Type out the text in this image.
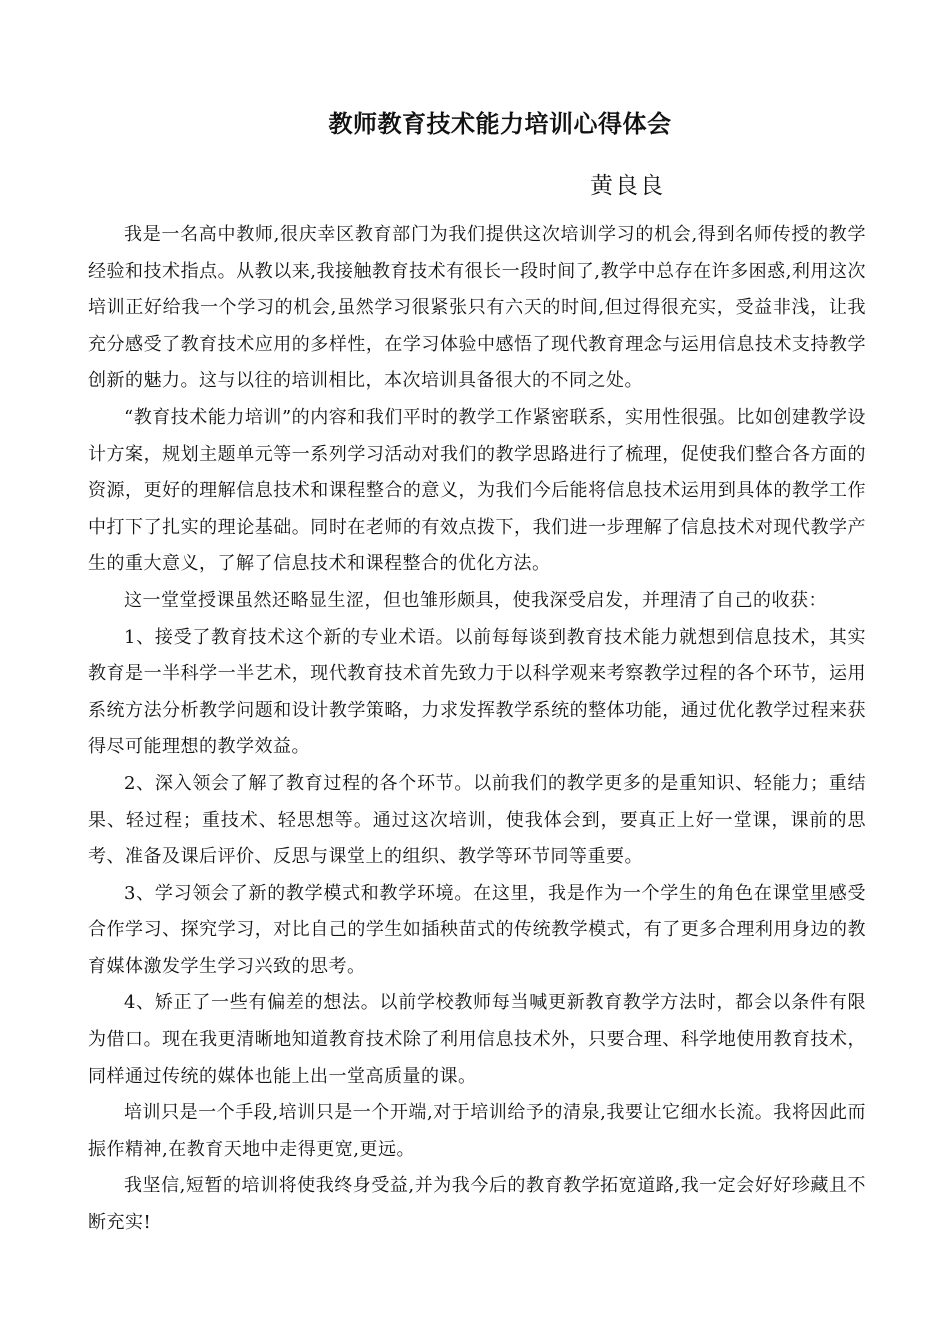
教师教育技术能力培训心得体会
黄良良

我是一名高中教师,很庆幸区教育部门为我们提供这次培训学习的机会,得到名师传授的教学经验和技术指点。从教以来,我接触教育技术有很长一段时间了,教学中总存在许多困惑,利用这次培训正好给我一个学习的机会,虽然学习很紧张只有六天的时间,但过得很充实，受益非浅，让我充分感受了教育技术应用的多样性，在学习体验中感悟了现代教育理念与运用信息技术支持教学创新的魅力。这与以往的培训相比，本次培训具备很大的不同之处。

“教育技术能力培训”的内容和我们平时的教学工作紧密联系，实用性很强。比如创建教学设计方案，规划主题单元等一系列学习活动对我们的教学思路进行了梳理，促使我们整合各方面的资源，更好的理解信息技术和课程整合的意义，为我们今后能将信息技术运用到具体的教学工作中打下了扎实的理论基础。同时在老师的有效点拨下，我们进一步理解了信息技术对现代教学产生的重大意义，了解了信息技术和课程整合的优化方法。

这一堂堂授课虽然还略显生涩，但也雏形颇具，使我深受启发，并理清了自己的收获：

1、接受了教育技术这个新的专业术语。以前每每谈到教育技术能力就想到信息技术，其实教育是一半科学一半艺术，现代教育技术首先致力于以科学观来考察教学过程的各个环节，运用系统方法分析教学问题和设计教学策略，力求发挥教学系统的整体功能，通过优化教学过程来获得尽可能理想的教学效益。

2、深入领会了解了教育过程的各个环节。以前我们的教学更多的是重知识、轻能力；重结果、轻过程；重技术、轻思想等。通过这次培训，使我体会到，要真正上好一堂课，课前的思考、准备及课后评价、反思与课堂上的组织、教学等环节同等重要。

3、学习领会了新的教学模式和教学环境。在这里，我是作为一个学生的角色在课堂里感受合作学习、探究学习，对比自己的学生如插秧苗式的传统教学模式，有了更多合理利用身边的教育媒体激发学生学习兴致的思考。

4、矫正了一些有偏差的想法。以前学校教师每当喊更新教育教学方法时，都会以条件有限为借口。现在我更清晰地知道教育技术除了利用信息技术外，只要合理、科学地使用教育技术，同样通过传统的媒体也能上出一堂高质量的课。

培训只是一个手段,培训只是一个开端,对于培训给予的清泉,我要让它细水长流。我将因此而振作精神,在教育天地中走得更宽,更远。

我坚信,短暂的培训将使我终身受益,并为我今后的教育教学拓宽道路,我一定会好好珍藏且不断充实!
